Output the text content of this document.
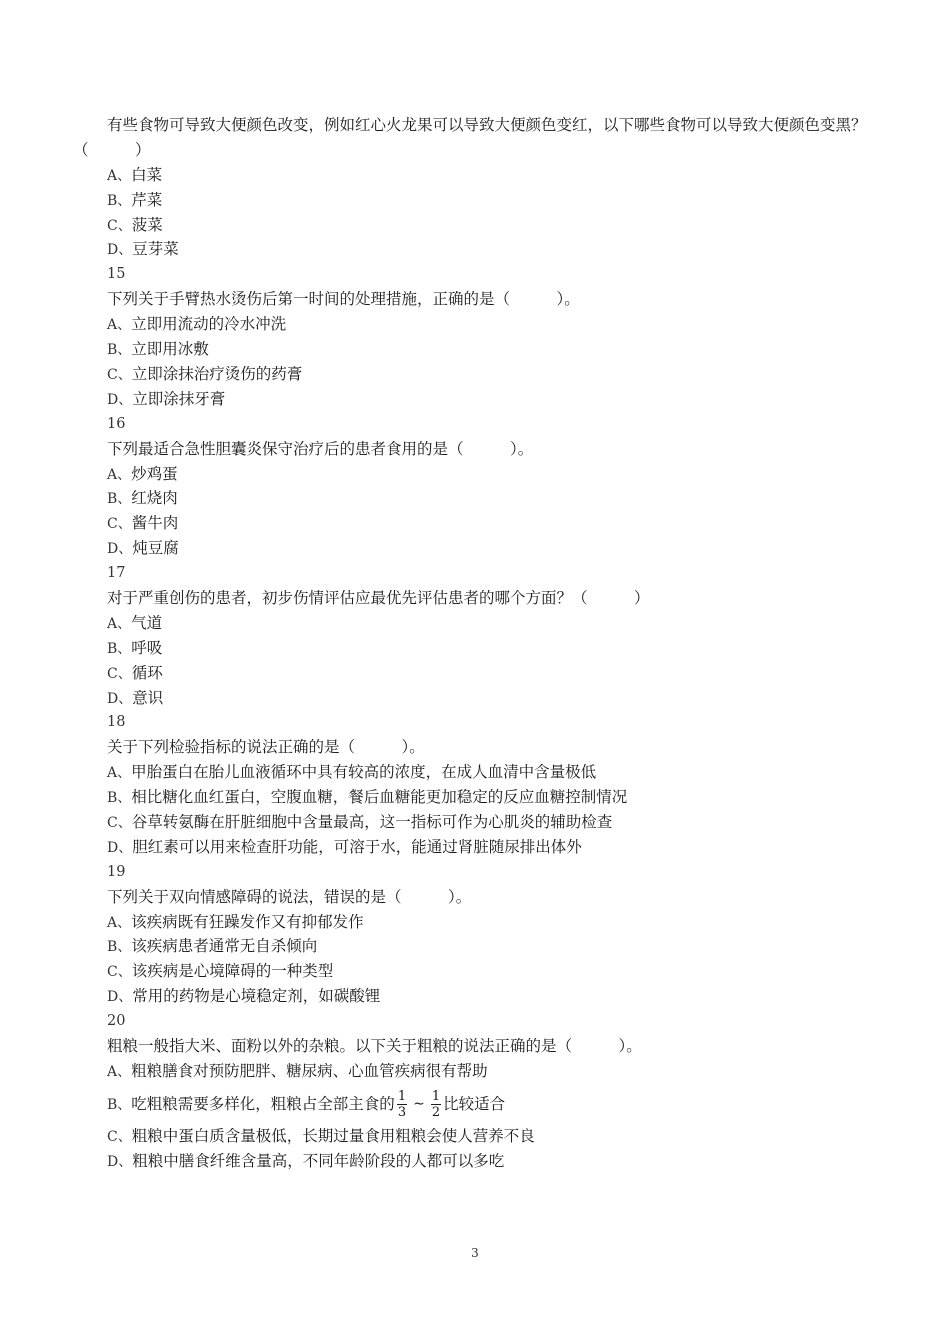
有些食物可导致大便颜色改变，例如红心火龙果可以导致大便颜色变红，以下哪些食物可以导致大便颜色变黑？（　　　）
A、白菜
B、芹菜
C、菠菜
D、豆芽菜
15
下列关于手臂热水烫伤后第一时间的处理措施，正确的是（　　　）。
A、立即用流动的冷水冲洗
B、立即用冰敷
C、立即涂抹治疗烫伤的药膏
D、立即涂抹牙膏
16
下列最适合急性胆囊炎保守治疗后的患者食用的是（　　　）。
A、炒鸡蛋
B、红烧肉
C、酱牛肉
D、炖豆腐
17
对于严重创伤的患者，初步伤情评估应最优先评估患者的哪个方面？（　　　）
A、气道
B、呼吸
C、循环
D、意识
18
关于下列检验指标的说法正确的是（　　　）。
A、甲胎蛋白在胎儿血液循环中具有较高的浓度，在成人血清中含量极低
B、相比糖化血红蛋白，空腹血糖，餐后血糖能更加稳定的反应血糖控制情况
C、谷草转氨酶在肝脏细胞中含量最高，这一指标可作为心肌炎的辅助检查
D、胆红素可以用来检查肝功能，可溶于水，能通过肾脏随尿排出体外
19
下列关于双向情感障碍的说法，错误的是（　　　）。
A、该疾病既有狂躁发作又有抑郁发作
B、该疾病患者通常无自杀倾向
C、该疾病是心境障碍的一种类型
D、常用的药物是心境稳定剂，如碳酸锂
20
粗粮一般指大米、面粉以外的杂粮。以下关于粗粮的说法正确的是（　　　）。
A、粗粮膳食对预防肥胖、糖尿病、心血管疾病很有帮助
B、吃粗粮需要多样化，粗粮占全部主食的 $\frac{1}{3}$ ∼ $\frac{1}{2}$ 比较适合
C、粗粮中蛋白质含量极低，长期过量食用粗粮会使人营养不良
D、粗粮中膳食纤维含量高，不同年龄阶段的人都可以多吃
3
